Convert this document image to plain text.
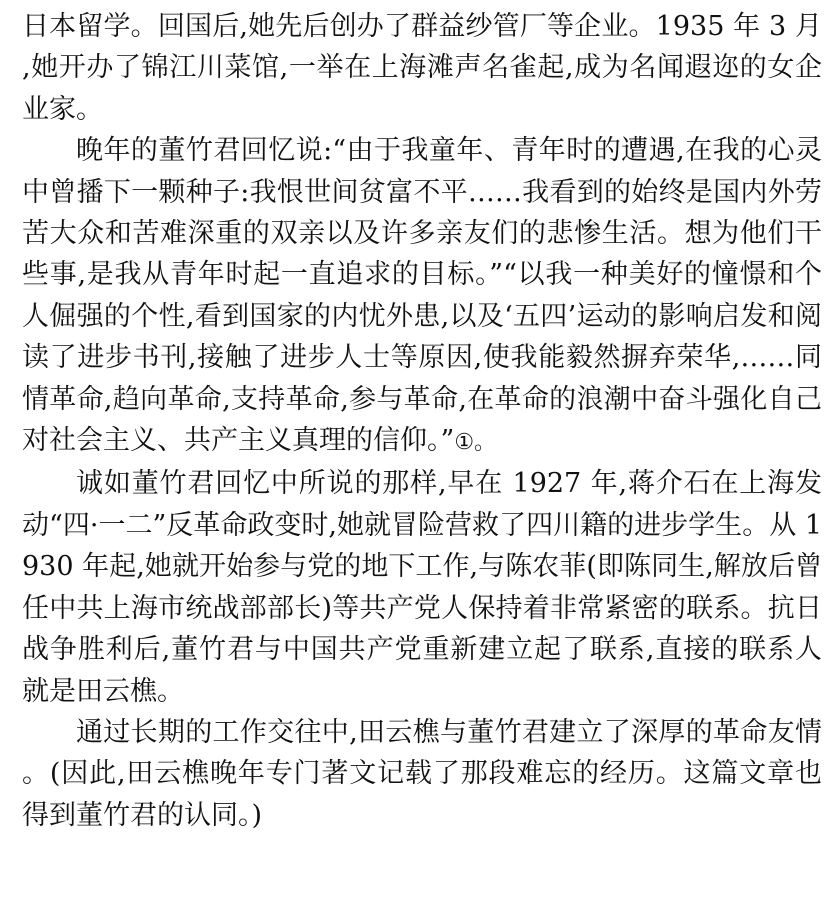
日本留学。回国后,她先后创办了群益纱管厂等企业。1935 年 3 月,她开办了锦江川菜馆,一举在上海滩声名雀起,成为名闻遐迩的女企业家。

晚年的董竹君回忆说:“由于我童年、青年时的遭遇,在我的心灵中曾播下一颗种子:我恨世间贫富不平……我看到的始终是国内外劳苦大众和苦难深重的双亲以及许多亲友们的悲惨生活。想为他们干些事,是我从青年时起一直追求的目标。”“以我一种美好的憧憬和个人倔强的个性,看到国家的内忧外患,以及‘五四’运动的影响启发和阅读了进步书刊,接触了进步人士等原因,使我能毅然摒弃荣华,……同情革命,趋向革命,支持革命,参与革命,在革命的浪潮中奋斗强化自己对社会主义、共产主义真理的信仰。”①。

诚如董竹君回忆中所说的那样,早在 1927 年,蒋介石在上海发动“四·一二”反革命政变时,她就冒险营救了四川籍的进步学生。从 1930 年起,她就开始参与党的地下工作,与陈农菲(即陈同生,解放后曾任中共上海市统战部部长)等共产党人保持着非常紧密的联系。抗日战争胜利后,董竹君与中国共产党重新建立起了联系,直接的联系人就是田云樵。

通过长期的工作交往中,田云樵与董竹君建立了深厚的革命友情。(因此,田云樵晚年专门著文记载了那段难忘的经历。这篇文章也得到董竹君的认同。)
